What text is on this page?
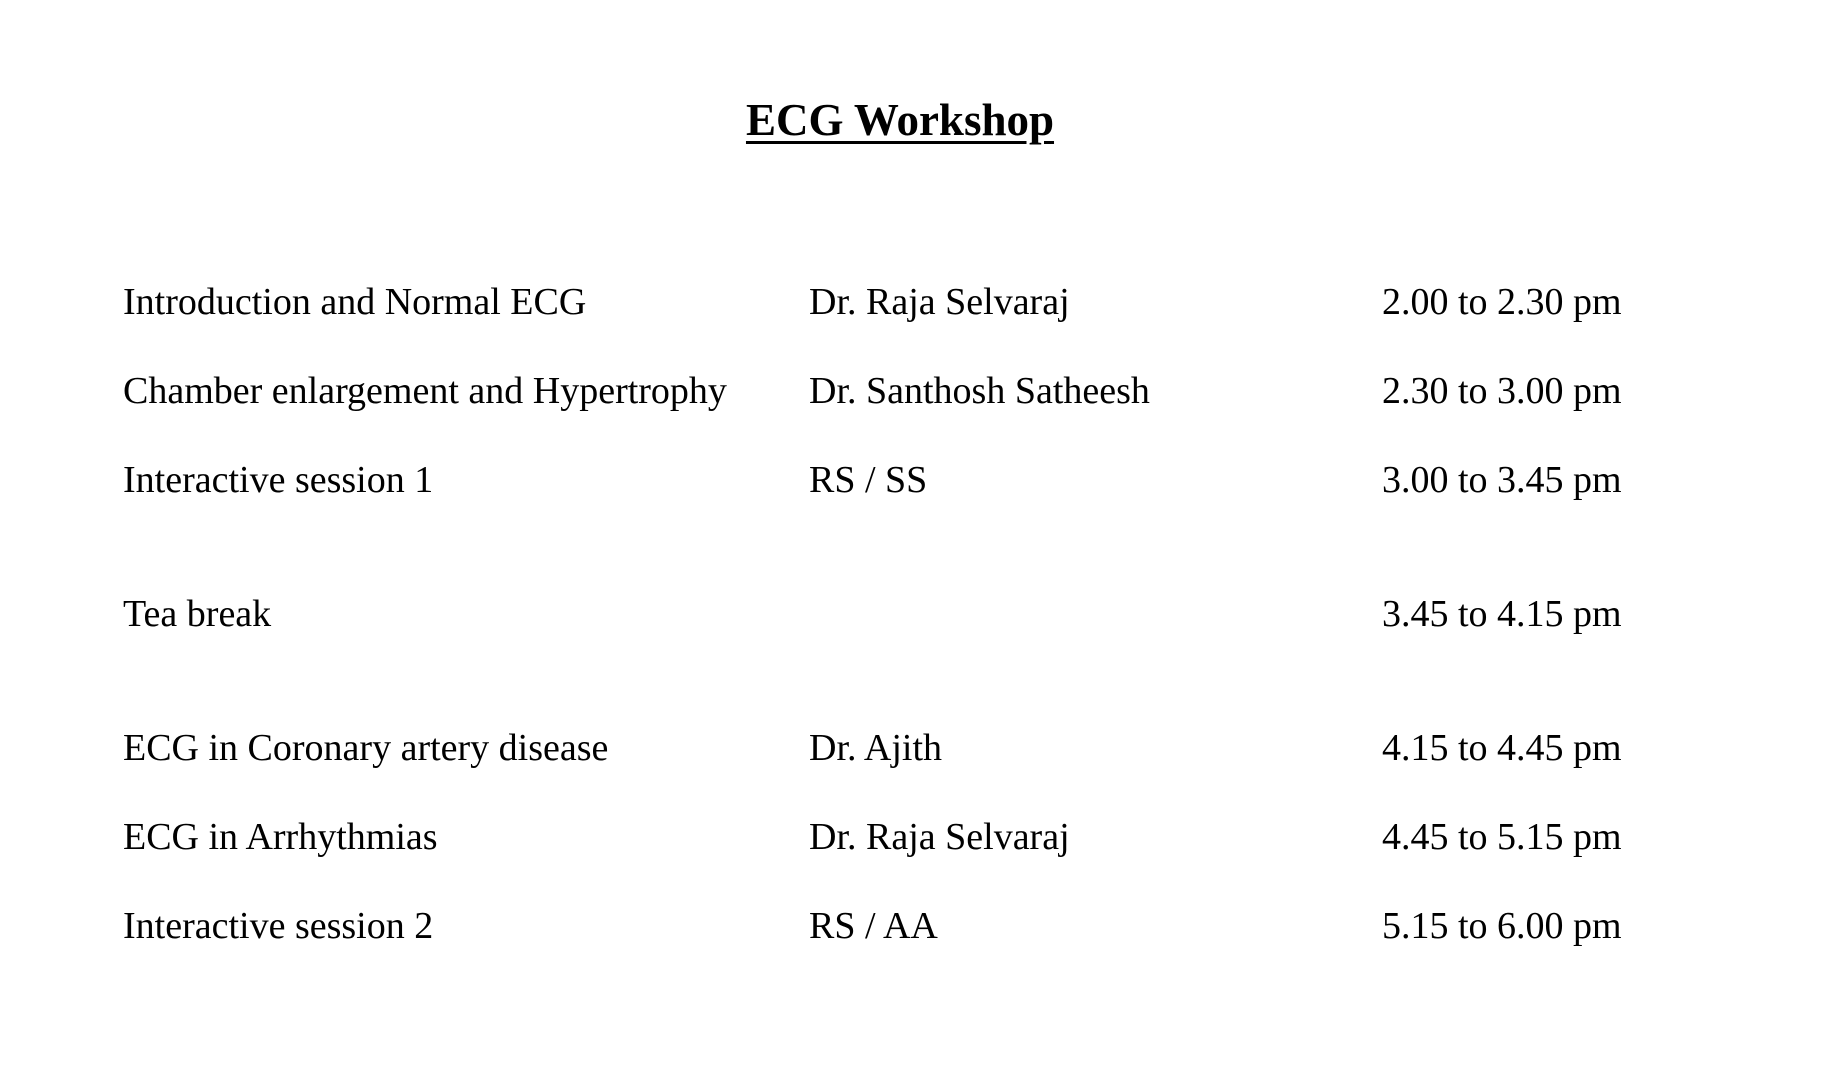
ECG Workshop
Introduction and Normal ECG	Dr. Raja Selvaraj	2.00 to 2.30 pm
Chamber enlargement and Hypertrophy Dr. Santhosh Satheesh	2.30 to 3.00 pm
Interactive session 1	RS / SS	3.00 to 3.45 pm
Tea break	3.45 to 4.15 pm
ECG in Coronary artery disease	Dr. Ajith	4.15 to 4.45 pm
ECG in Arrhythmias	Dr. Raja Selvaraj	4.45 to 5.15 pm
Interactive session 2	RS / AA	5.15 to 6.00 pm
